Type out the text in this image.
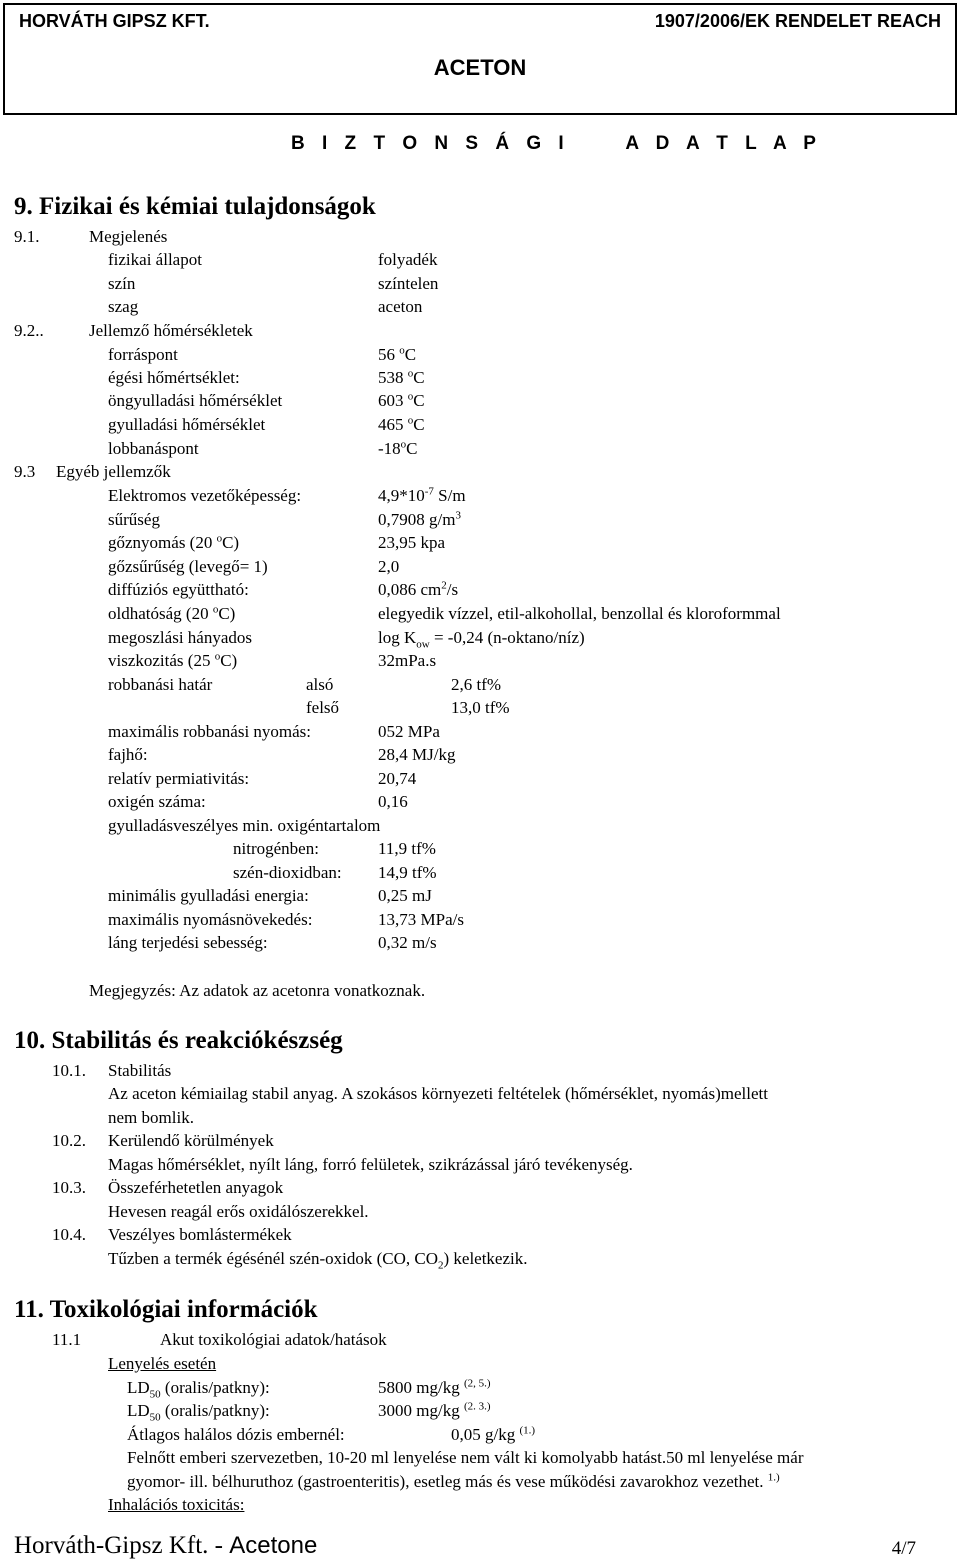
HORVÁTH GIPSZ KFT.	1907/2006/EK RENDELET REACH
ACETON
B I Z T O N S Á G I     A D A T L A P
9. Fizikai és kémiai tulajdonságok
9.1.	Megjelenés
fizikai állapot	folyadék
szín	színtelen
szag	aceton
9.2..	Jellemző hőmérsékletek
forráspont	56 $^o$C
égési hőmértséklet:	538 $^o$C
öngyulladási hőmérséklet	603 $^o$C
gyulladási hőmérséklet	465 $^o$C
lobbanáspont	-18$^o$C
9.3 Egyéb jellemzők
Elektromos vezetőképesség:	$4,9*10^{-7}$ S/m
sűrűség	0,7908 $g/m^3$
gőznyomás (20 $^o$C)	23,95 kpa
gőzsűrűség (levegő= 1)	2,0
diffúziós együttható:	0,086 $cm^2/s$
oldhatóság (20 $^o$C)	elegyedik vízzel, etil-alkohollal, benzollal és kloroformmal
megoszlási hányados	$\log K_{ow} = -0,24$ (n-oktano/níz)
viszkozitás (25 $^o$C)	32mPa.s
robbanási határ	alsó	2,6 tf%
felső	13,0 tf%
maximális robbanási nyomás:	052 MPa
fajhő:	28,4 MJ/kg
relatív permiativitás:	20,74
oxigén száma:	0,16
gyulladásveszélyes min. oxigéntartalom
nitrogénben:	11,9 tf%
szén-dioxidban: 14,9 tf%
minimális gyulladási energia:	0,25 mJ
maximális nyomásnövekedés:	13,73 MPa/s
láng terjedési sebesség:	0,32 m/s
Megjegyzés: Az adatok az acetonra vonatkoznak.
10. Stabilitás és reakciókészség
10.1. Stabilitás
Az aceton kémiailag stabil anyag. A szokásos környezeti feltételek (hőmérséklet, nyomás)mellett
nem bomlik.
10.2. Kerülendő körülmények
Magas hőmérséklet, nyílt láng, forró felületek, szikrázással járó tevékenység.
10.3. Összeférhetetlen anyagok
Hevesen reagál erős oxidálószerekkel.
10.4. Veszélyes bomlástermékek
Tűzben a termék égésénél szén-oxidok (CO, $CO_2$) keletkezik.
11. Toxikológiai információk
11.1	Akut toxikológiai adatok/hatások
Lenyelés esetén
$LD_{50}$ (oralis/patkny):	5800 mg/kg $^{(2, 5.)}$
$LD_{50}$ (oralis/patkny):	3000 mg/kg $^{(2. 3.)}$
Átlagos halálos dózis embernél:	0,05 g/kg $^{(1.)}$
Felnőtt emberi szervezetben, 10-20 ml lenyelése nem vált ki komolyabb hatást.50 ml lenyelése már
gyomor- ill. bélhuruthoz (gastroenteritis), esetleg más és vese működési zavarokhoz vezethet. $^{1.)}$
Inhalációs toxicitás:
Horváth-Gipsz Kft. - Acetone	4/7
